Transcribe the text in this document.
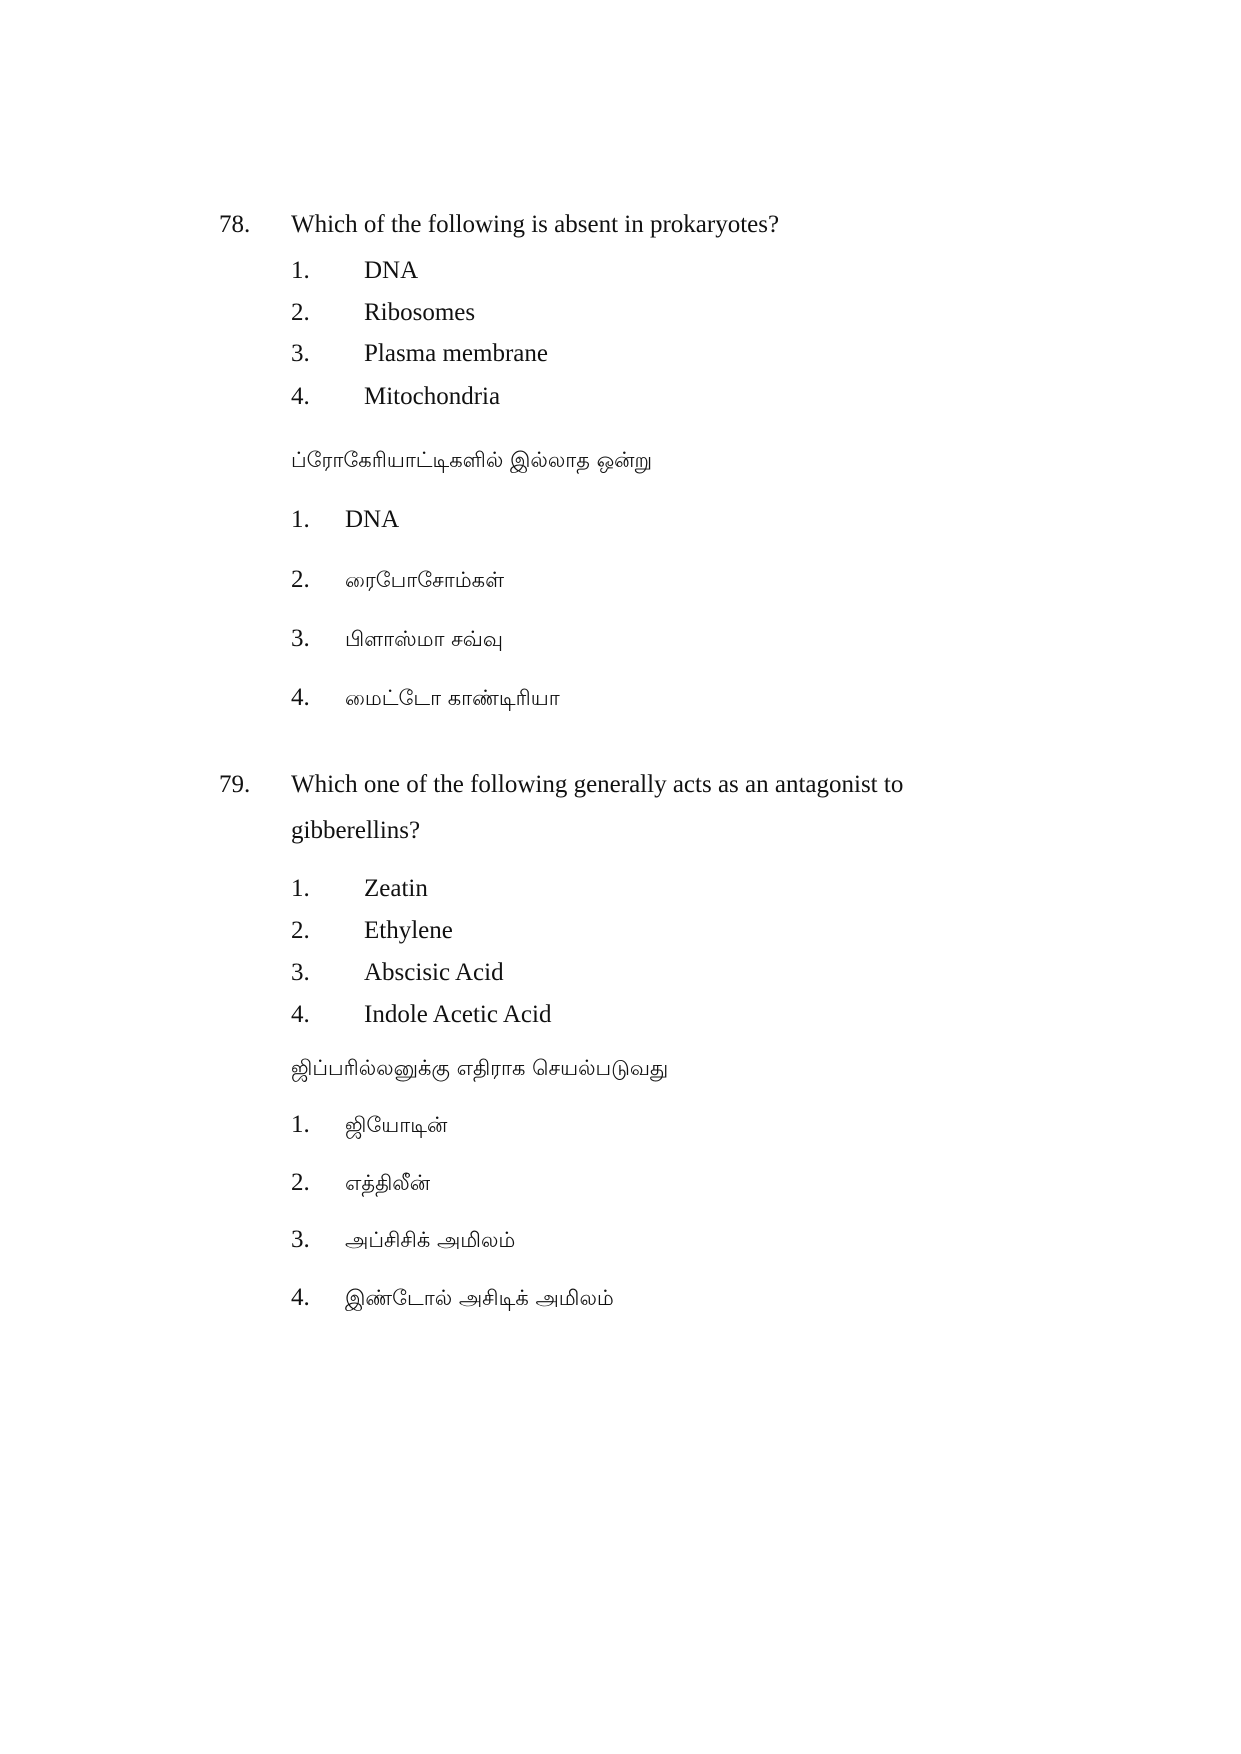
78. Which of the following is absent in prokaryotes?
1. DNA
2. Ribosomes
3. Plasma membrane
4. Mitochondria
ப்ரோகேரியாட்டிகளில் இல்லாத ஒன்று
1. DNA
2. ரைபோசோம்கள்
3. பிளாஸ்மா சவ்வு
4. மைட்டோ காண்டிரியா
79. Which one of the following generally acts as an antagonist to gibberellins?
1. Zeatin
2. Ethylene
3. Abscisic Acid
4. Indole Acetic Acid
ஜிப்பரில்லனுக்கு எதிராக செயல்படுவது
1. ஜியோடின்
2. எத்திலீன்
3. அப்சிசிக் அமிலம்
4. இண்டோல் அசிடிக் அமிலம்
